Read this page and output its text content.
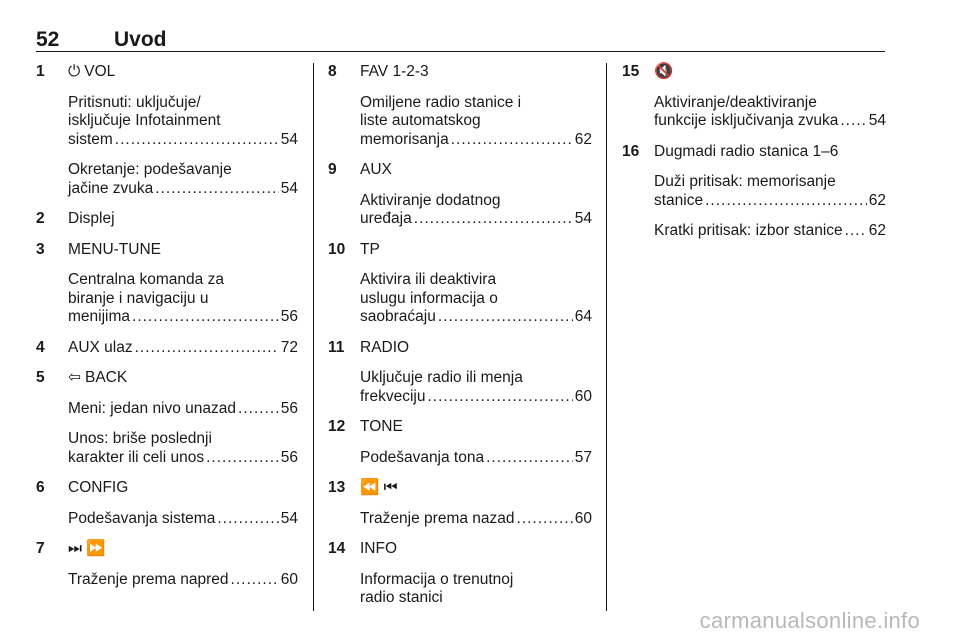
52	Uvod
1	⏻ VOL
Pritisnuti: uključuje/
isključuje Infotainment
sistem .....	54
Okretanje: podešavanje
jačine zvuka .....	54
2	Displej
3	MENU-TUNE
Centralna komanda za
biranje i navigaciju u
menijima .....	56
4 AUX ulaz .....	72
5	⇦ BACK
Meni: jedan nivo unazad .....	56
Unos: briše poslednji
karakter ili celi unos .....	56
6	CONFIG
Podešavanja sistema .....	54
7	⏭ ⏩
Traženje prema napred .....	60
8	FAV 1-2-3
Omiljene radio stanice i
liste automatskog
memorisanja .....	62
9	AUX
Aktiviranje dodatnog
uređaja .....	54
10 TP
Aktivira ili deaktivira
uslugu informacija o
saobraćaju .....	64
11	RADIO
Uključuje radio ili menja
frekveciju .....	60
12 TONE
Podešavanja tona .....	57
13 ⏪ ⏮
Traženje prema nazad .....	60
14 INFO
Informacija o trenutnoj
radio stanici
15 🔇
Aktiviranje/deaktiviranje
funkcije isključivanja zvuka ..... 54
16 Dugmadi radio stanica 1–6
Duži pritisak: memorisanje
stanice .....	62
Kratki pritisak: izbor stanice ..... 62
carmanualsonline.info
